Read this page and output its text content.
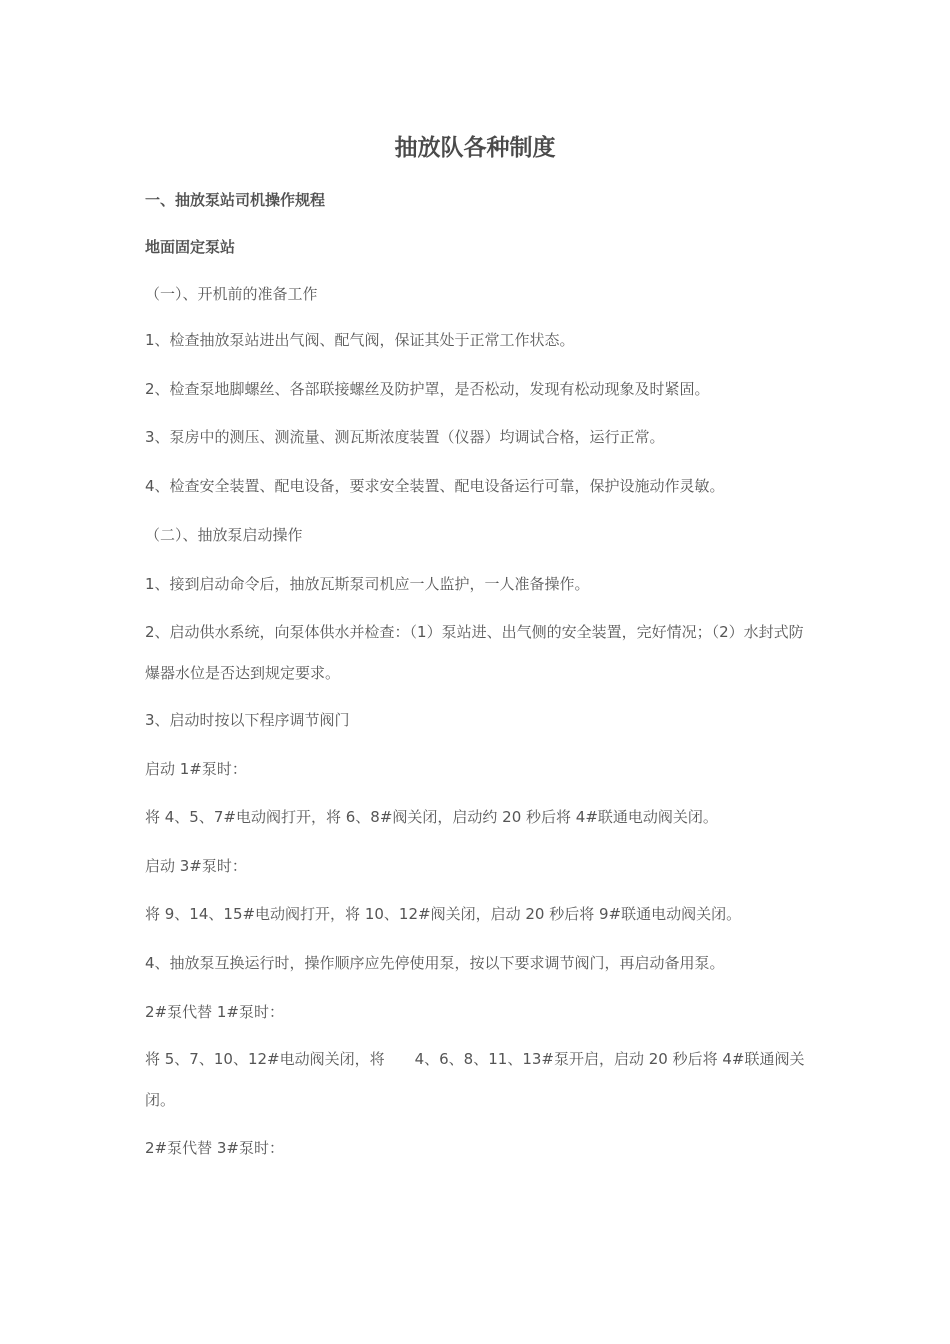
抽放队各种制度

一、抽放泵站司机操作规程

地面固定泵站

（一）、开机前的准备工作

1、检查抽放泵站进出气阀、配气阀，保证其处于正常工作状态。

2、检查泵地脚螺丝、各部联接螺丝及防护罩，是否松动，发现有松动现象及时紧固。

3、泵房中的测压、测流量、测瓦斯浓度装置（仪器）均调试合格，运行正常。

4、检查安全装置、配电设备，要求安全装置、配电设备运行可靠，保护设施动作灵敏。

（二）、抽放泵启动操作

1、接到启动命令后，抽放瓦斯泵司机应一人监护，一人准备操作。

2、启动供水系统，向泵体供水并检查：（1）泵站进、出气侧的安全装置，完好情况；（2）水封式防爆器水位是否达到规定要求。

3、启动时按以下程序调节阀门

启动 1#泵时：

将 4、5、7#电动阀打开，将 6、8#阀关闭，启动约 20 秒后将 4#联通电动阀关闭。

启动 3#泵时：

将 9、14、15#电动阀打开，将 10、12#阀关闭，启动 20 秒后将 9#联通电动阀关闭。

4、抽放泵互换运行时，操作顺序应先停使用泵，按以下要求调节阀门，再启动备用泵。

2#泵代替 1#泵时：

将 5、7、10、12#电动阀关闭，将　　4、6、8、11、13#泵开启，启动 20 秒后将 4#联通阀关闭。

2#泵代替 3#泵时：
